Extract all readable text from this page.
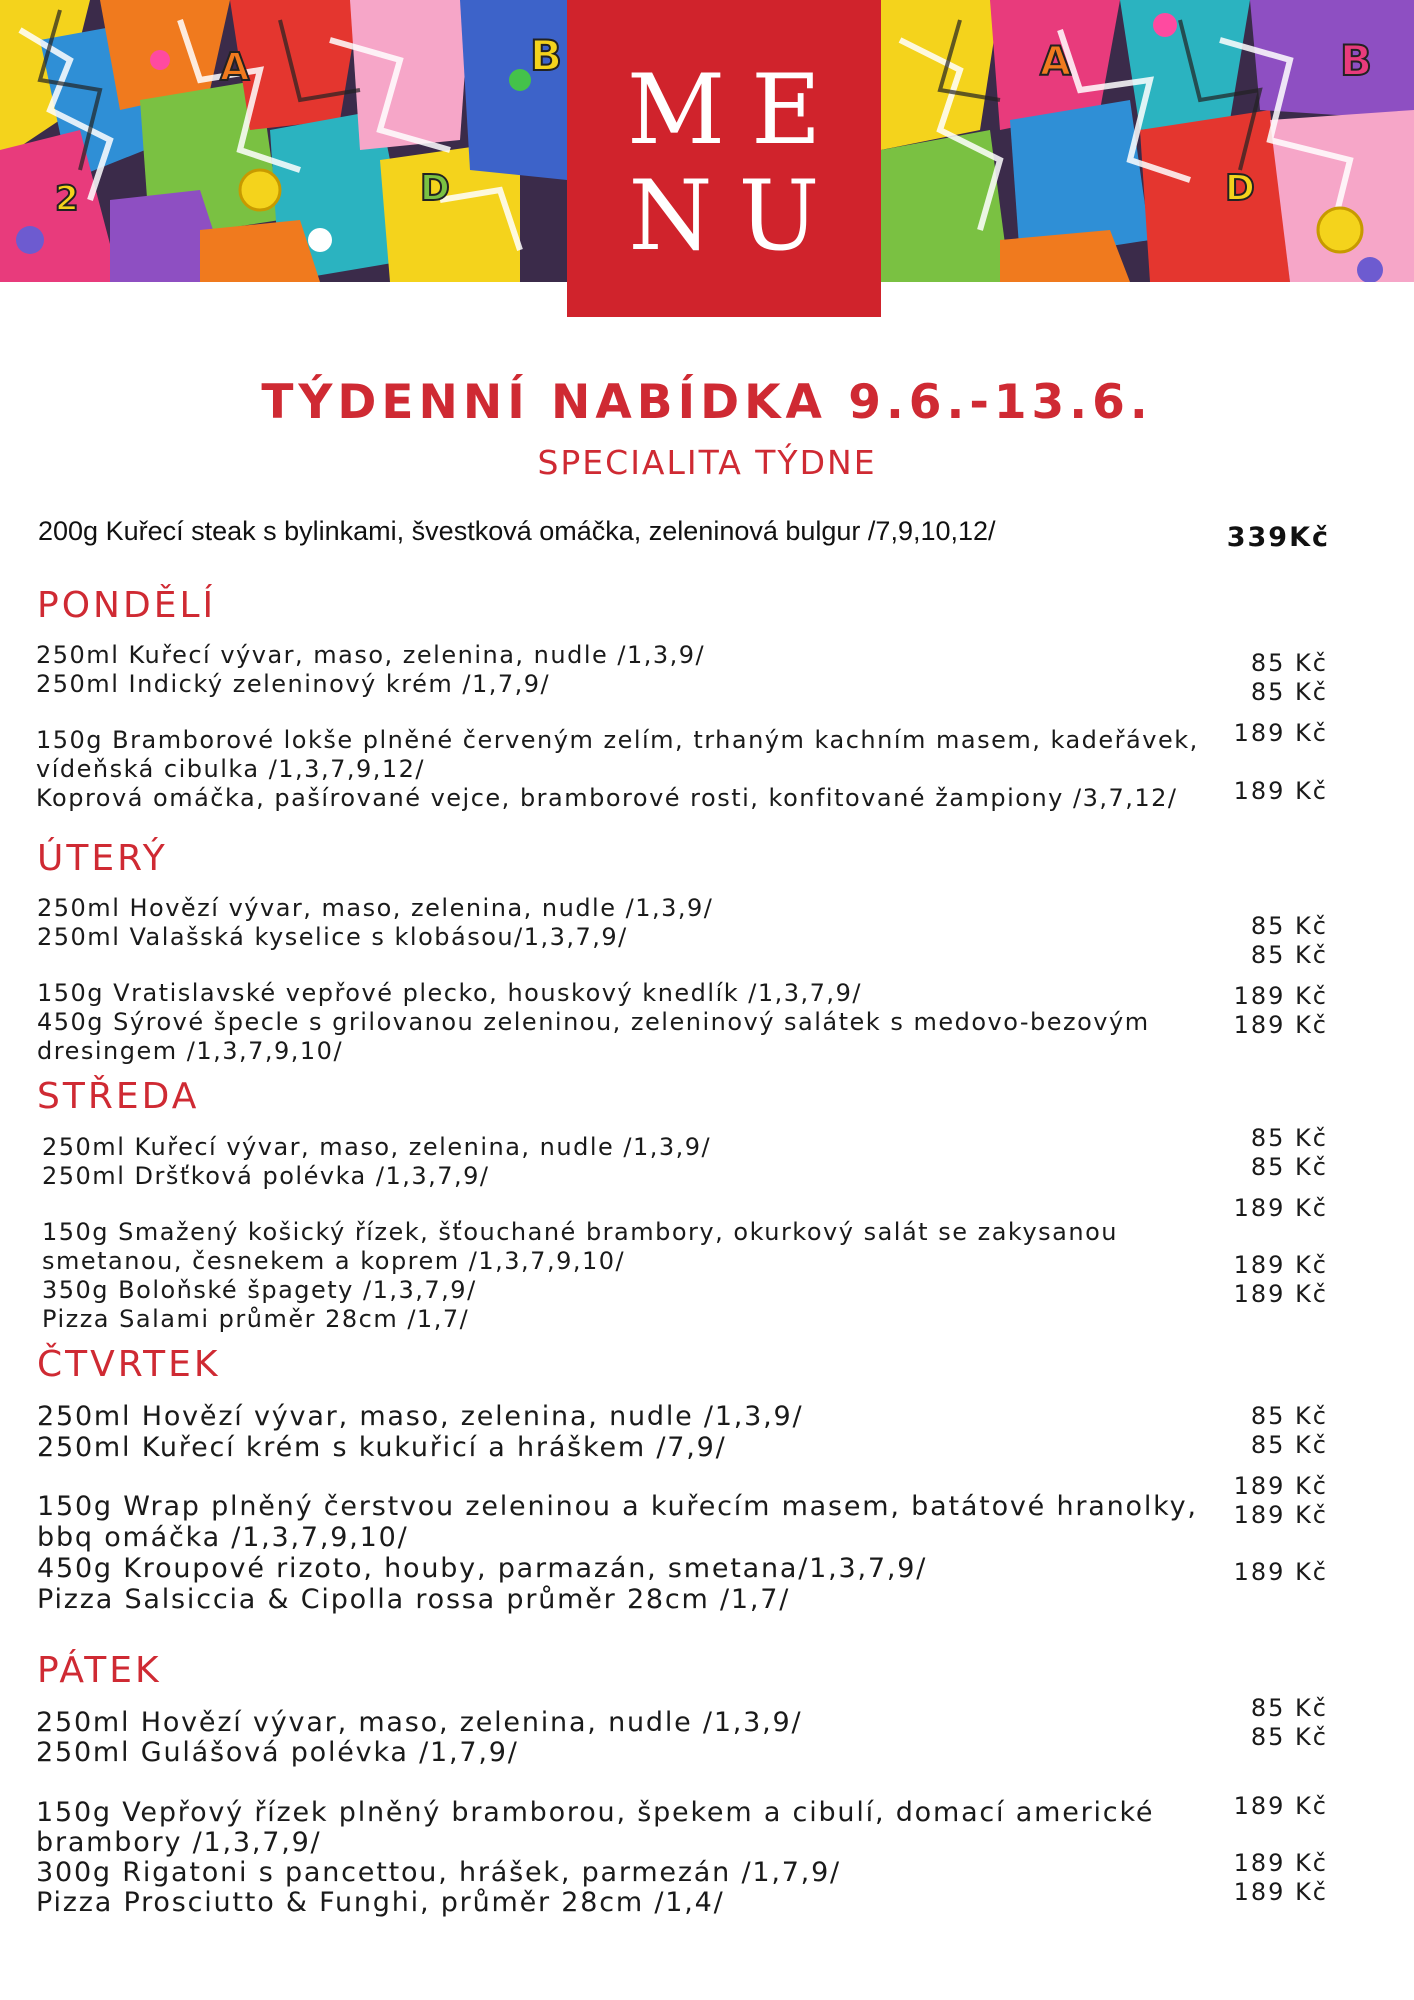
B
A
D
A	B
D
2
ME
NU
TÝDENNÍ NABÍDKA 9.6.-13.6.
SPECIALITA TÝDNE
200g Kuřecí steak s bylinkami, švestková omáčka, zeleninová bulgur /7,9,10,12/	339Kč
PONDĚLÍ
250ml Kuřecí vývar, maso, zelenina, nudle /1,3,9/
250ml Indický zeleninový krém /1,7,9/
150g Bramborové lokše plněné červeným zelím, trhaným kachním masem, kadeřávek,
vídeňská cibulka /1,3,7,9,12/
Koprová omáčka, pašírované vejce, bramborové rosti, konfitované žampiony /3,7,12/
85 Kč
85 Kč
189 Kč
189 Kč
ÚTERÝ
250ml Hovězí vývar, maso, zelenina, nudle /1,3,9/
250ml Valašská kyselice s klobásou/1,3,7,9/
150g Vratislavské vepřové plecko, houskový knedlík /1,3,7,9/
450g Sýrové špecle s grilovanou zeleninou, zeleninový salátek s medovo-bezovým
dresingem /1,3,7,9,10/
85 Kč
85 Kč
189 Kč
189 Kč
STŘEDA
250ml Kuřecí vývar, maso, zelenina, nudle /1,3,9/
250ml Dršťková polévka /1,3,7,9/
150g Smažený košický řízek, šťouchané brambory, okurkový salát se zakysanou
smetanou, česnekem a koprem /1,3,7,9,10/
350g Boloňské špagety /1,3,7,9/
Pizza Salami průměr 28cm /1,7/
85 Kč
85 Kč
189 Kč
189 Kč
189 Kč
ČTVRTEK
250ml Hovězí vývar, maso, zelenina, nudle /1,3,9/
250ml Kuřecí krém s kukuřicí a hráškem /7,9/
150g Wrap plněný čerstvou zeleninou a kuřecím masem, batátové hranolky,
bbq omáčka /1,3,7,9,10/
450g Kroupové rizoto, houby, parmazán, smetana/1,3,7,9/
Pizza Salsiccia & Cipolla rossa průměr 28cm /1,7/
85 Kč
85 Kč
189 Kč
189 Kč
189 Kč
PÁTEK
250ml Hovězí vývar, maso, zelenina, nudle /1,3,9/
250ml Gulášová polévka /1,7,9/
150g Vepřový řízek plněný bramborou, špekem a cibulí, domací americké
brambory /1,3,7,9/
300g Rigatoni s pancettou, hrášek, parmezán /1,7,9/
Pizza Prosciutto & Funghi, průměr 28cm /1,4/
85 Kč
85 Kč
189 Kč
189 Kč
189 Kč
